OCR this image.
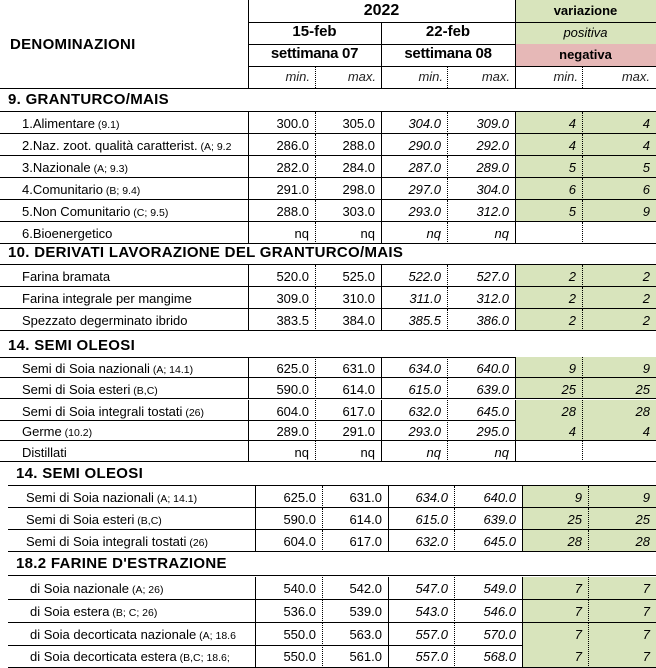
2022	variazione
positiva
negativa
DENOMINAZIONI
15-feb	22-feb
settimana 07	settimana 08
min.	max.	min.	max.	min.	max.
9. GRANTURCO/MAIS
1.Alimentare (9.1)	300.0	305.0	304.0	309.0	4	4
2.Naz. zoot. qualità caratterist. (A; 9.2	286.0	288.0	290.0	292.0	4	4
3.Nazionale (A; 9.3)	282.0	284.0	287.0	289.0	5	5
4.Comunitario (B; 9.4)	291.0	298.0	297.0	304.0	6	6
5.Non Comunitario (C; 9.5)	288.0	303.0	293.0	312.0	5	9
6.Bioenergetico	nq	nq	nq	nq
10. DERIVATI LAVORAZIONE DEL GRANTURCO/MAIS
Farina bramata	520.0	525.0	522.0	527.0	2	2
Farina integrale per mangime	309.0	310.0	311.0	312.0	2	2
Spezzato degerminato ibrido	383.5	384.0	385.5	386.0	2	2
14. SEMI OLEOSI
Semi di Soia nazionali (A; 14.1)	625.0	631.0	634.0	640.0	9	9
Semi di Soia esteri (B,C)	590.0	614.0	615.0	639.0	25	25
Semi di Soia integrali tostati (26)	604.0	617.0	632.0	645.0	28	28
Germe (10.2)	289.0	291.0	293.0	295.0	4	4
Distillati	nq	nq	nq	nq
14. SEMI OLEOSI
Semi di Soia nazionali (A; 14.1)	625.0	631.0	634.0	640.0	9	9
Semi di Soia esteri (B,C)	590.0	614.0	615.0	639.0	25	25
Semi di Soia integrali tostati (26)	604.0	617.0	632.0	645.0	28	28
18.2 FARINE D'ESTRAZIONE
di Soia nazionale (A; 26)	540.0	542.0	547.0	549.0	7	7
di Soia estera (B; C; 26)	536.0	539.0	543.0	546.0	7	7
di Soia decorticata nazionale (A; 18.6	550.0	563.0	557.0	570.0	7	7
di Soia decorticata estera (B,C; 18.6;	550.0	561.0	557.0	568.0	7	7
